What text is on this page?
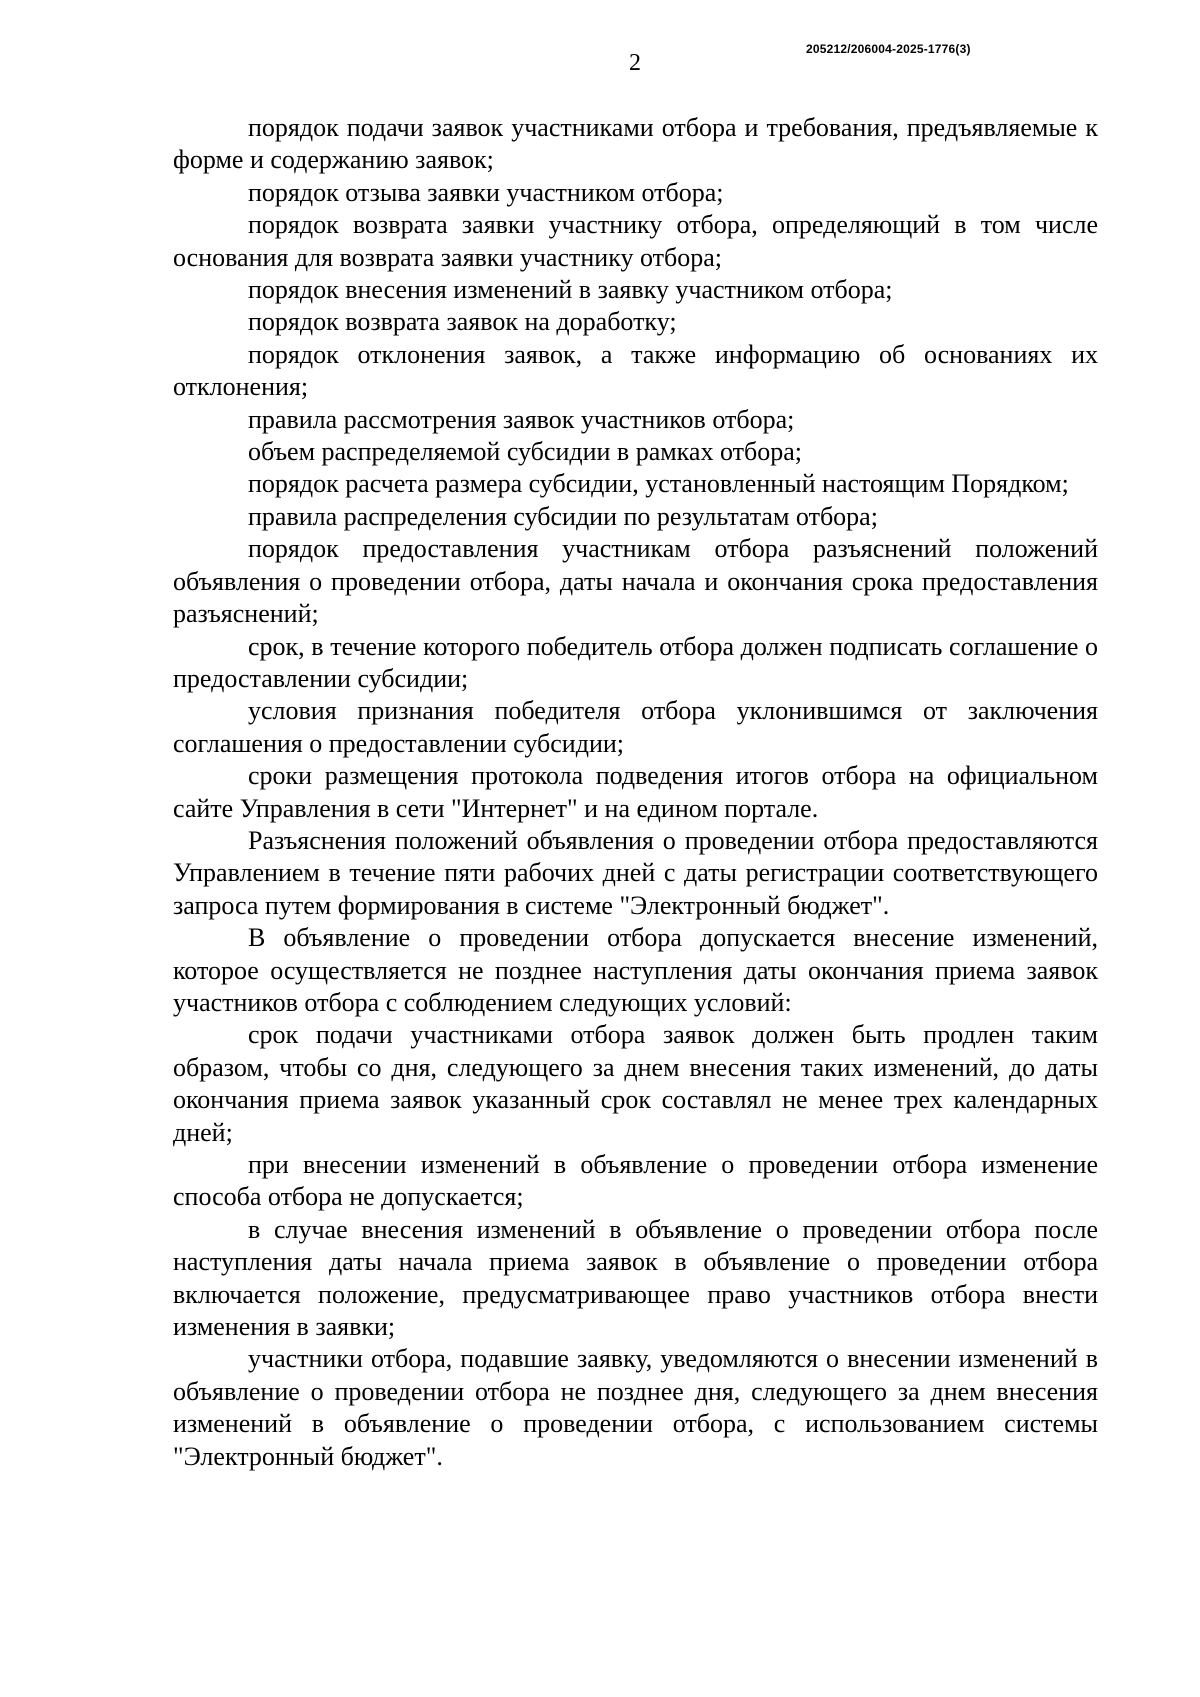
205212/206004-2025-1776(3)
2

порядок подачи заявок участниками отбора и требования, предъявляемые к форме и содержанию заявок;

порядок отзыва заявки участником отбора;

порядок возврата заявки участнику отбора, определяющий в том числе основания для возврата заявки участнику отбора;

порядок внесения изменений в заявку участником отбора;

порядок возврата заявок на доработку;

порядок отклонения заявок, а также информацию об основаниях их отклонения;

правила рассмотрения заявок участников отбора;

объем распределяемой субсидии в рамках отбора;

порядок расчета размера субсидии, установленный настоящим Порядком;

правила распределения субсидии по результатам отбора;

порядок предоставления участникам отбора разъяснений положений объявления о проведении отбора, даты начала и окончания срока предоставления разъяснений;

срок, в течение которого победитель отбора должен подписать соглашение о предоставлении субсидии;

условия признания победителя отбора уклонившимся от заключения соглашения о предоставлении субсидии;

сроки размещения протокола подведения итогов отбора на официальном сайте Управления в сети "Интернет" и на едином портале.

Разъяснения положений объявления о проведении отбора предоставляются Управлением в течение пяти рабочих дней с даты регистрации соответствующего запроса путем формирования в системе "Электронный бюджет".

В объявление о проведении отбора допускается внесение изменений, которое осуществляется не позднее наступления даты окончания приема заявок участников отбора с соблюдением следующих условий:

срок подачи участниками отбора заявок должен быть продлен таким образом, чтобы со дня, следующего за днем внесения таких изменений, до даты окончания приема заявок указанный срок составлял не менее трех календарных дней;

при внесении изменений в объявление о проведении отбора изменение способа отбора не допускается;

в случае внесения изменений в объявление о проведении отбора после наступления даты начала приема заявок в объявление о проведении отбора включается положение, предусматривающее право участников отбора внести изменения в заявки;

участники отбора, подавшие заявку, уведомляются о внесении изменений в объявление о проведении отбора не позднее дня, следующего за днем внесения изменений в объявление о проведении отбора, с использованием системы "Электронный бюджет".
